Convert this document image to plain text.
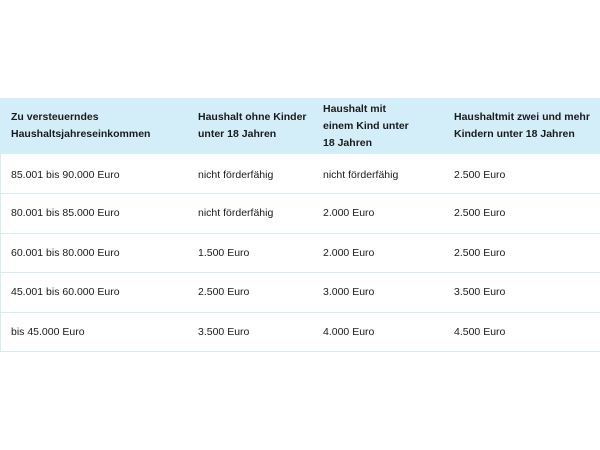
Zu versteuerndes Haushaltsjahreseinkommen	Haushalt ohne Kinder unter 18 Jahren	Haushalt mit einem Kind unter 18 Jahren	Haushaltmit zwei und mehr Kindern unter 18 Jahren
85.001 bis 90.000 Euro	nicht förderfähig	nicht förderfähig	2.500 Euro
80.001 bis 85.000 Euro	nicht förderfähig	2.000 Euro	2.500 Euro
60.001 bis 80.000 Euro	1.500 Euro	2.000 Euro	2.500 Euro
45.001 bis 60.000 Euro	2.500 Euro	3.000 Euro	3.500 Euro
bis 45.000 Euro	3.500 Euro	4.000 Euro	4.500 Euro
